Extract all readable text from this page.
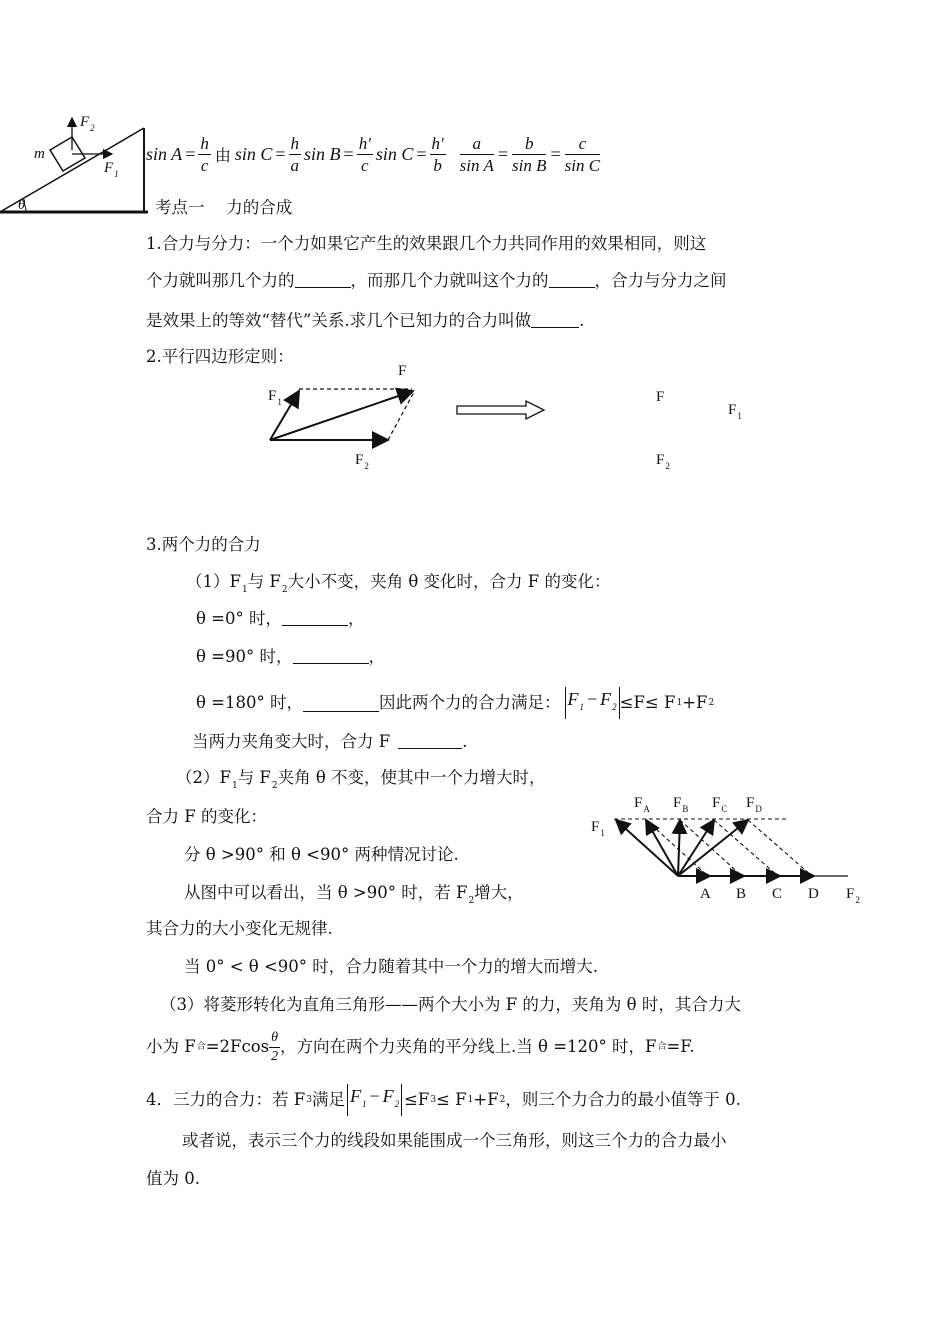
$F_2$
m
$F_1$
θ
$\sin A = \frac{h}{c}$ 由 $\sin C = \frac{h}{a}$ $\sin B = \frac{h'}{c}$ $\sin C = \frac{h'}{b} \frac{a}{\text{sin A}} = \frac{b}{\text{sin B}} = \frac{c}{\text{sin C}}$
考点一　 力的合成
1.合力与分力：一个力如果它产生的效果跟几个力共同作用的效果相同，则这
个力就叫那几个力的	，而那几个力就叫这个力的	，合力与分力之间
是效果上的等效“替代”关系.求几个已知力的合力叫做	.
2.平行四边形定则：
F
$F_1$
$F_2$
F
$F_1$
$F_2$
3.两个力的合力
$(1)F_1$与 $F_2$大小不变，夹角 θ 变化时，合力 F 的变化：
θ =0° 时，	，
θ =90° 时，	，
θ =180° 时，	因此两个力的合力满足： $F_1 - F_2 \le F\le F$ 1 +F 2
当两力夹角变大时，合力 F	.
$(2)F_1$与 $F_2$夹角 θ 不变，使其中一个力增大时，
合力 F 的变化：
分 θ >90° 和 θ <90° 两种情况讨论.
从图中可以看出，当 θ >90° 时，若 $F_2$增大，
其合力的大小变化无规律.
当 0° < θ <90° 时，合力随着其中一个力的增大而增大.
（3）将菱形转化为直角三角形——两个大小为 F 的力，夹角为 θ 时，其合力大
小为 F 合 $=2Fcos \frac{\theta}{2}$ ，方向在两个力夹角的平分线上.当 θ =120° 时，F 合 =F.
$F_A$ $F_B$ $F_C$ $F_D$
$F_1$
A B C D $F_2$
4．三力的合力：若 F 3 满足 $F_1 - F_2 \le F$ 3 ≤ F 1 +F 2 ，则三个力合力的最小值等于 0.
或者说，表示三个力的线段如果能围成一个三角形，则这三个力的合力最小
值为 0.
